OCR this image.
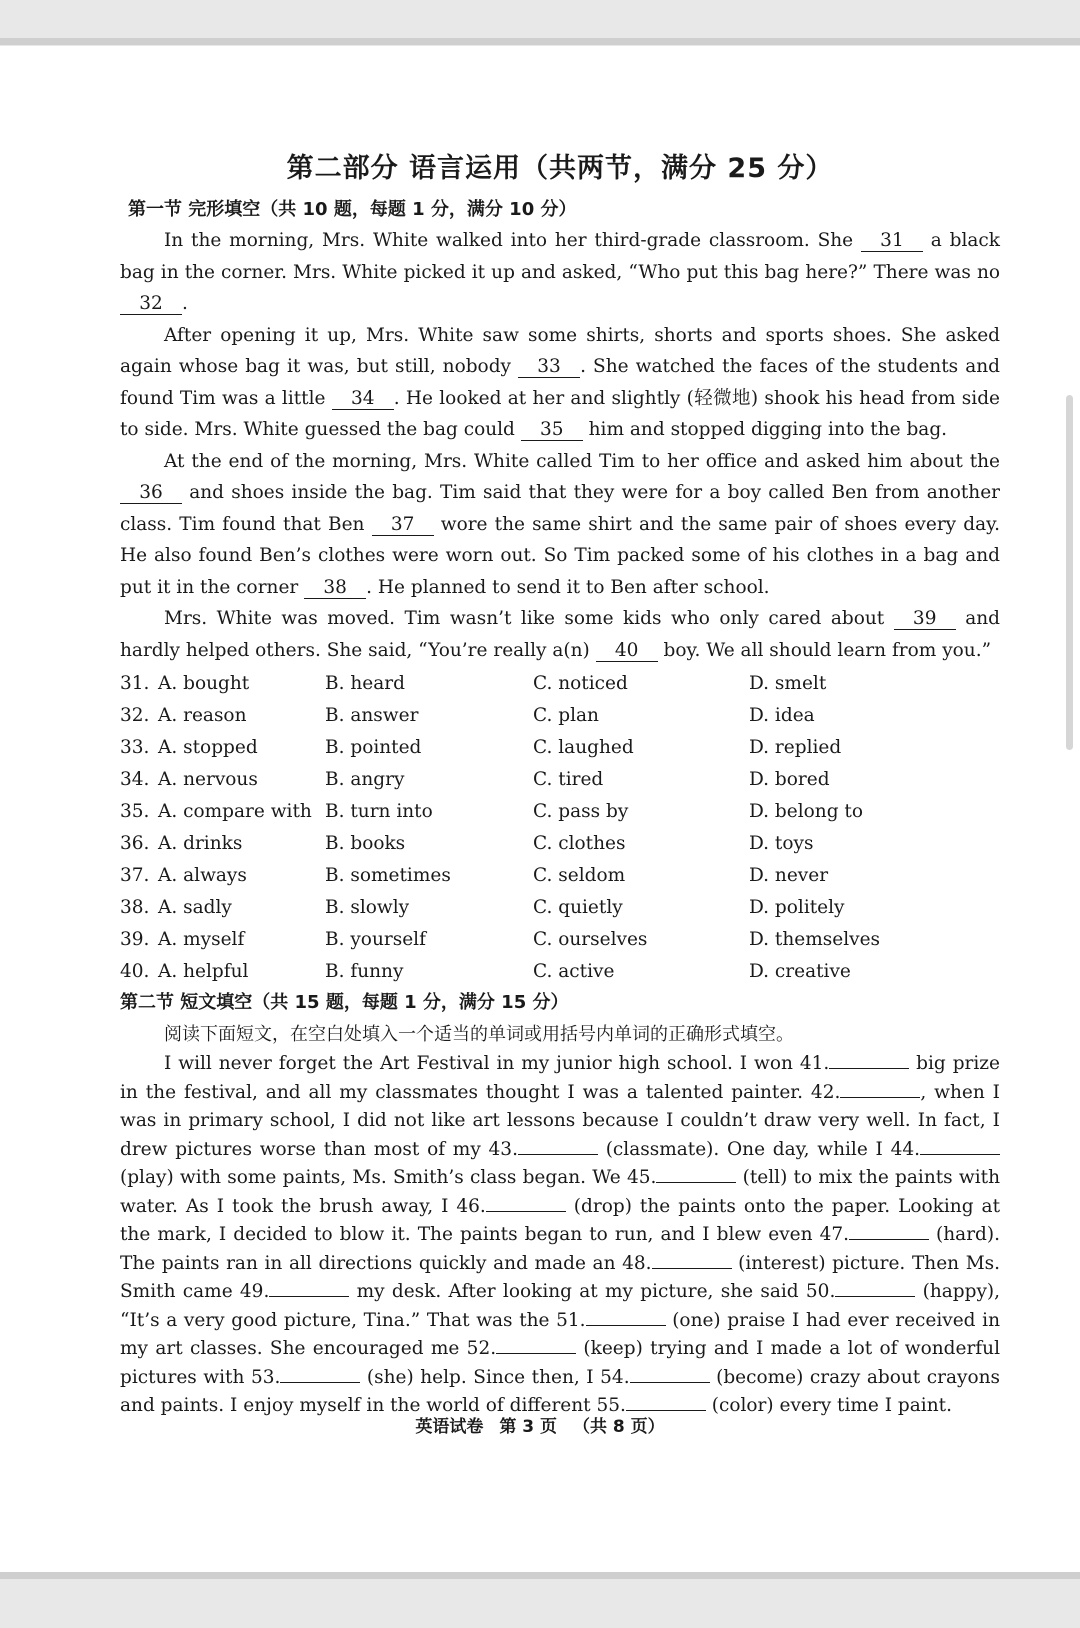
第二部分 语言运用（共两节，满分 25 分）
第一节 完形填空（共 10 题，每题 1 分，满分 10 分）

In the morning, Mrs. White walked into her third-grade classroom. She 31 a black bag in the corner. Mrs. White picked it up and asked, “Who put this bag here?” There was no 32 .

After opening it up, Mrs. White saw some shirts, shorts and sports shoes. She asked again whose bag it was, but still, nobody 33 . She watched the faces of the students and found Tim was a little 34 . He looked at her and slightly (轻微地) shook his head from side to side. Mrs. White guessed the bag could 35 him and stopped digging into the bag.

At the end of the morning, Mrs. White called Tim to her office and asked him about the 36 and shoes inside the bag. Tim said that they were for a boy called Ben from another class. Tim found that Ben 37 wore the same shirt and the same pair of shoes every day. He also found Ben’s clothes were worn out. So Tim packed some of his clothes in a bag and put it in the corner 38 . He planned to send it to Ben after school.

Mrs. White was moved. Tim wasn’t like some kids who only cared about 39 and hardly helped others. She said, “You’re really a(n) 40 boy. We all should learn from you.”

31. A. bought	B. heard	C. noticed	D. smelt
32. A. reason	B. answer	C. plan	D. idea
33. A. stopped	B. pointed	C. laughed	D. replied
34. A. nervous	B. angry	C. tired	D. bored
35. A. compare with B. turn into	C. pass by	D. belong to
36. A. drinks	B. books	C. clothes	D. toys
37. A. always	B. sometimes	C. seldom	D. never
38. A. sadly	B. slowly	C. quietly	D. politely
39. A. myself	B. yourself	C. ourselves	D. themselves
40. A. helpful	B. funny	C. active	D. creative
第二节 短文填空（共 15 题，每题 1 分，满分 15 分）
阅读下面短文，在空白处填入一个适当的单词或用括号内单词的正确形式填空。

I will never forget the Art Festival in my junior high school. I won 41.	big prize in the festival, and all my classmates thought I was a talented painter. 42.	, when I was in primary school, I did not like art lessons because I couldn’t draw very well. In fact, I drew pictures worse than most of my 43.	(classmate). One day, while I 44. (play) with some paints, Ms. Smith’s class began. We 45.	(tell) to mix the paints with water. As I took the brush away, I 46.	(drop) the paints onto the paper. Looking at the mark, I decided to blow it. The paints began to run, and I blew even 47.	(hard). The paints ran in all directions quickly and made an 48.	(interest) picture. Then Ms. Smith came 49.	my desk. After looking at my picture, she said 50.	(happy), “It’s a very good picture, Tina.” That was the 51.	(one) praise I had ever received in my art classes. She encouraged me 52.	(keep) trying and I made a lot of wonderful pictures with 53.	(she) help. Since then, I 54.	(become) crazy about crayons and paints. I enjoy myself in the world of different 55.	(color) every time I paint.

英语试卷 第 3 页 （共 8 页）
